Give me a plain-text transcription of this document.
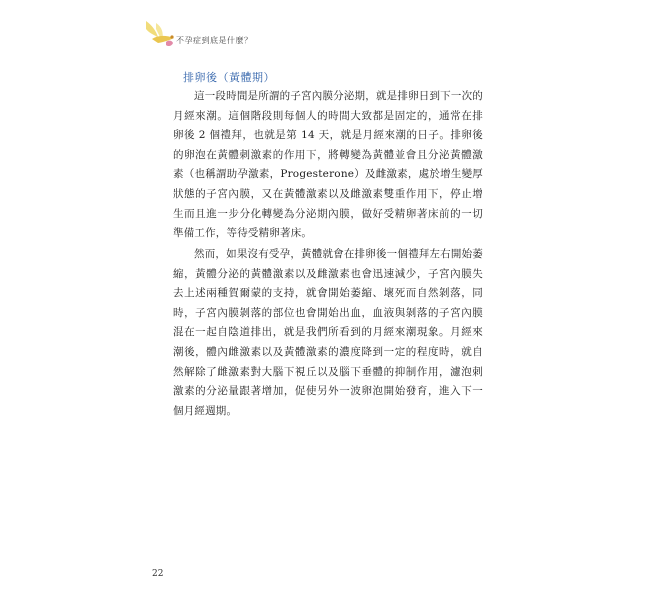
不孕症到底是什麼？
排卵後（黃體期）

這一段時間是所謂的子宮內膜分泌期，就是排卵日到下一次的月經來潮。這個階段則每個人的時間大致都是固定的，通常在排卵後 2 個禮拜，也就是第 14 天，就是月經來潮的日子。排卵後的卵泡在黃體刺激素的作用下，將轉變為黃體並會且分泌黃體激素（也稱謂助孕激素，Progesterone）及雌激素，處於增生變厚狀態的子宮內膜，又在黃體激素以及雌激素雙重作用下，停止增生而且進一步分化轉變為分泌期內膜，做好受精卵著床前的一切準備工作，等待受精卵著床。

然而，如果沒有受孕，黃體就會在排卵後一個禮拜左右開始萎縮，黃體分泌的黃體激素以及雌激素也會迅速減少，子宮內膜失去上述兩種賀爾蒙的支持，就會開始萎縮、壞死而自然剝落，同時，子宮內膜剝落的部位也會開始出血，血液與剝落的子宮內膜混在一起自陰道排出，就是我們所看到的月經來潮現象。月經來潮後，體內雌激素以及黃體激素的濃度降到一定的程度時，就自然解除了雌激素對大腦下視丘以及腦下垂體的抑制作用，濾泡刺激素的分泌量跟著增加，促使另外一波卵泡開始發育，進入下一個月經週期。

22
